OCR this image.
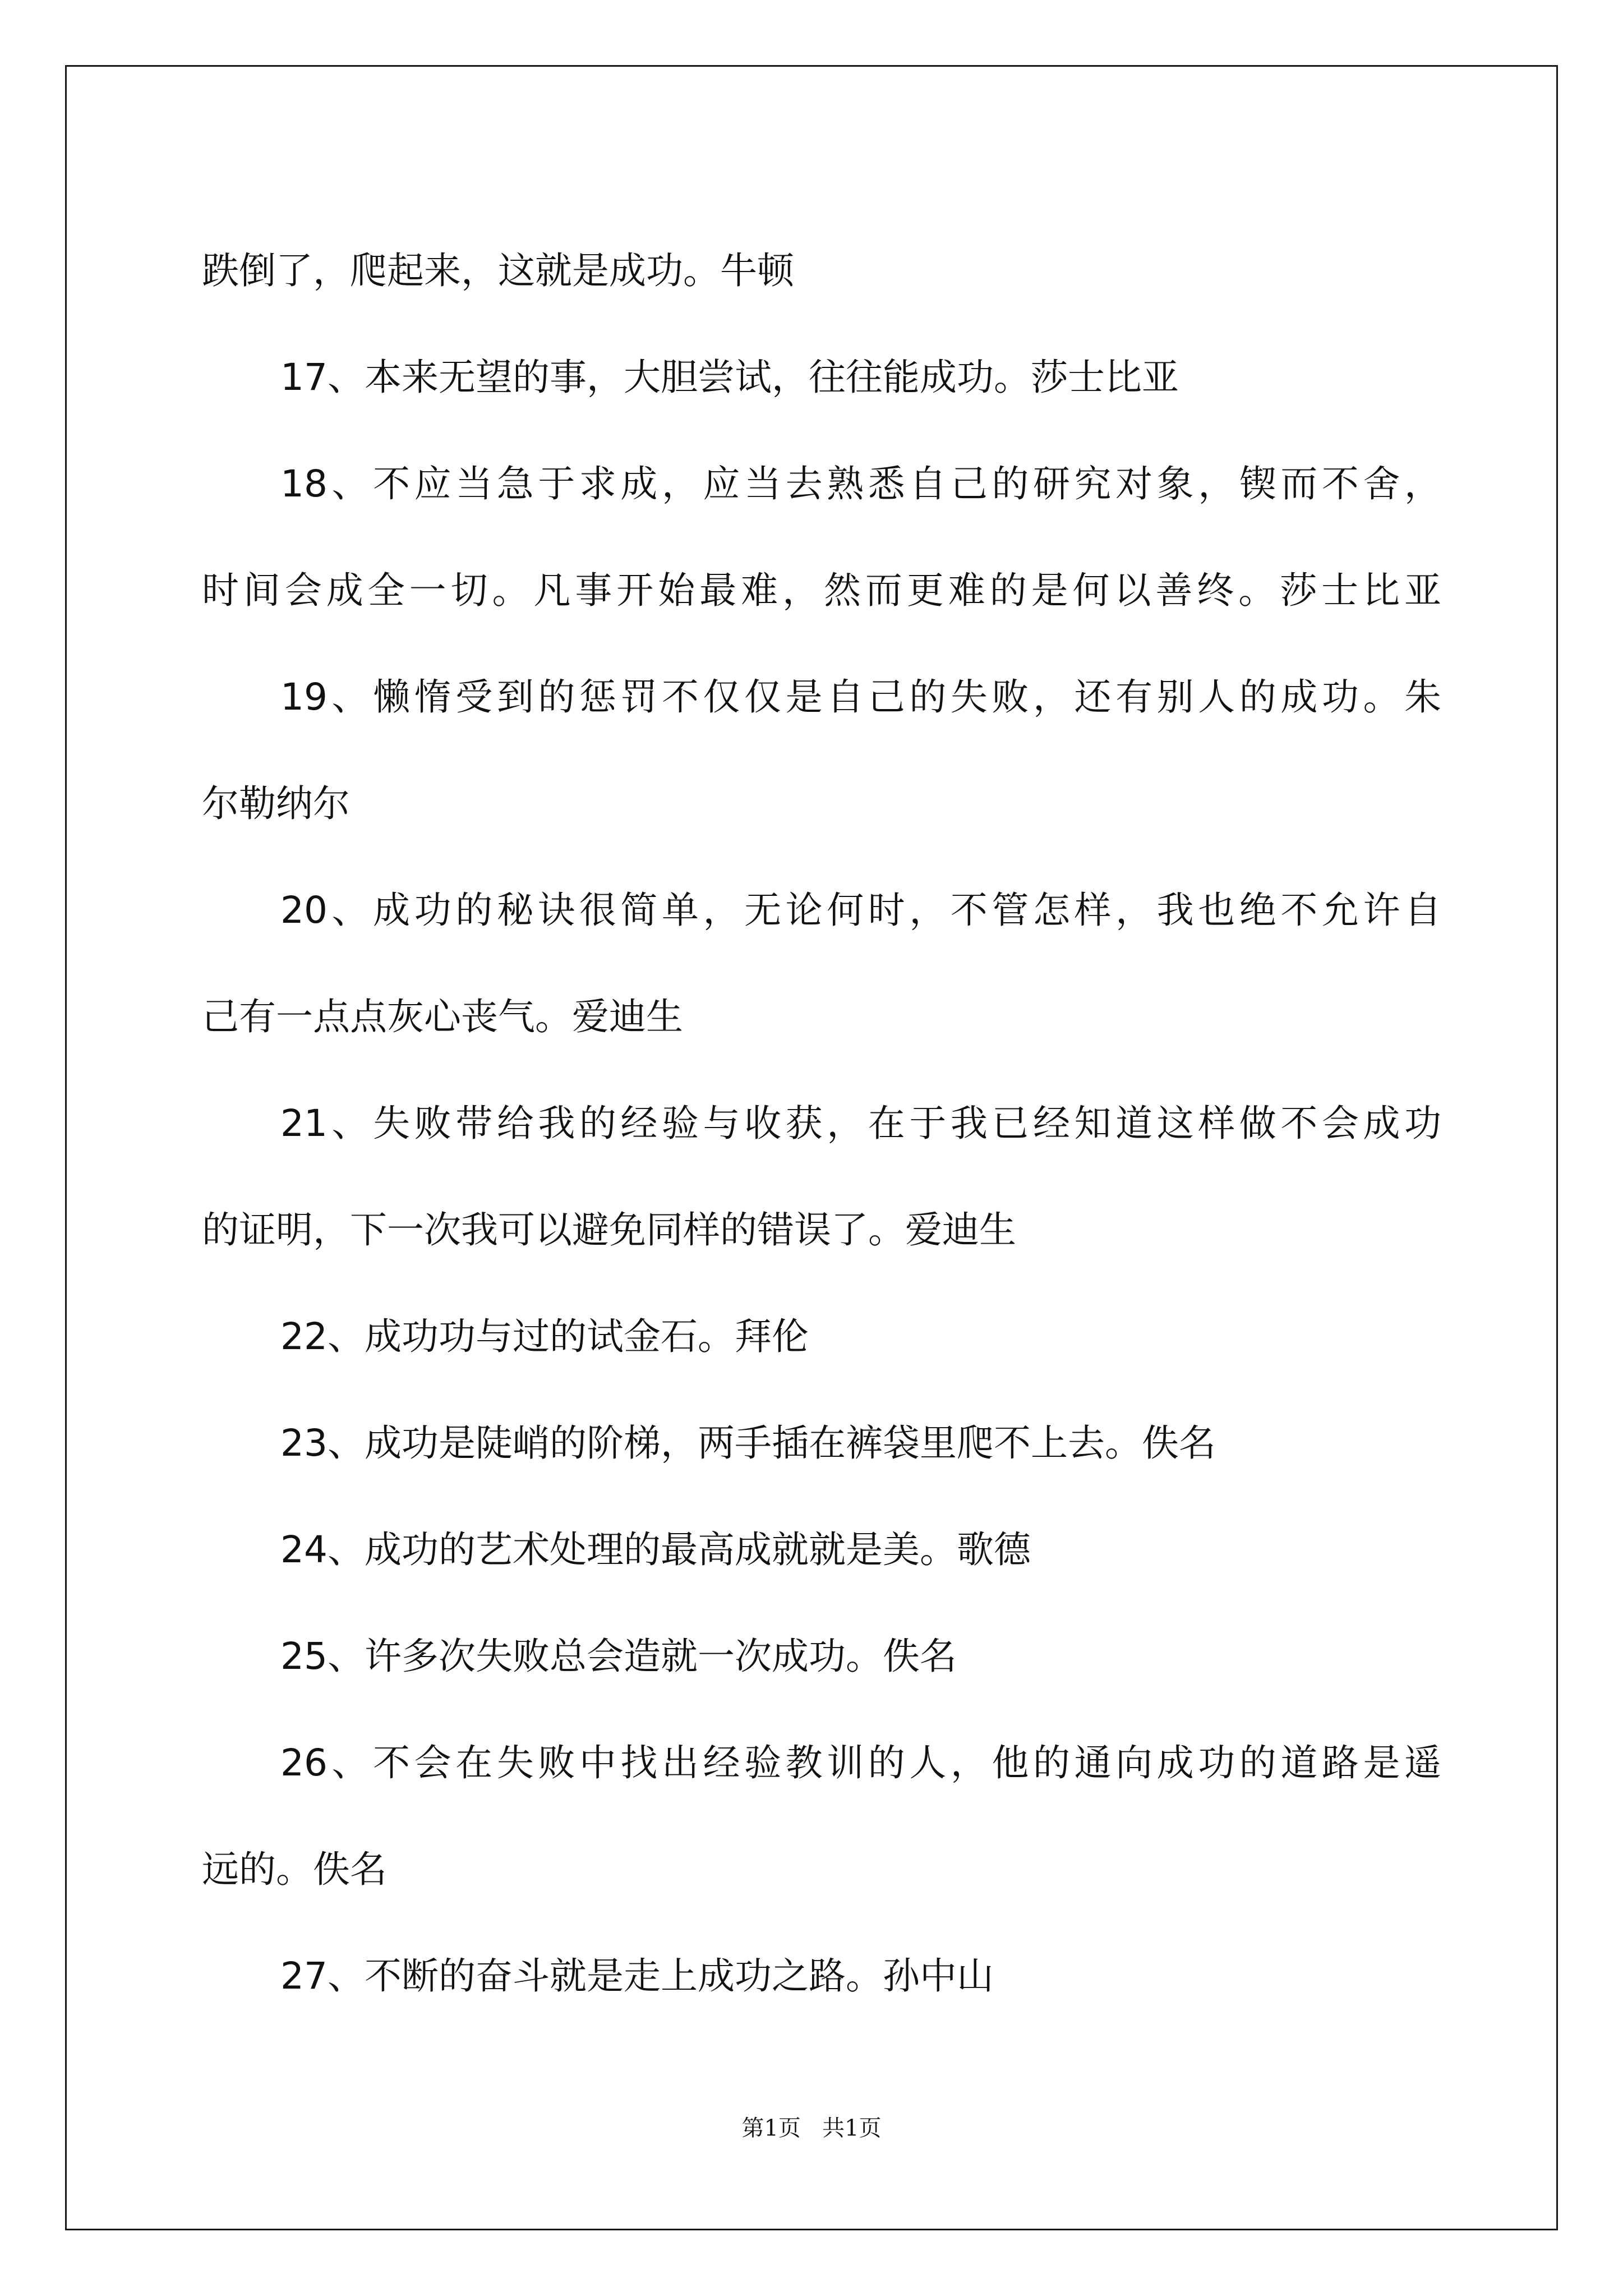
跌倒了，爬起来，这就是成功。牛顿
17、本来无望的事，大胆尝试，往往能成功。莎士比亚
18、不应当急于求成，应当去熟悉自己的研究对象，锲而不舍，
时间会成全一切。凡事开始最难，然而更难的是何以善终。莎士比亚
19、懒惰受到的惩罚不仅仅是自己的失败，还有别人的成功。朱
尔勒纳尔
20、成功的秘诀很简单，无论何时，不管怎样，我也绝不允许自
己有一点点灰心丧气。爱迪生
21、失败带给我的经验与收获，在于我已经知道这样做不会成功
的证明，下一次我可以避免同样的错误了。爱迪生
22、成功功与过的试金石。拜伦
23、成功是陡峭的阶梯，两手插在裤袋里爬不上去。佚名
24、成功的艺术处理的最高成就就是美。歌德
25、许多次失败总会造就一次成功。佚名
26、不会在失败中找出经验教训的人，他的通向成功的道路是遥
远的。佚名
27、不断的奋斗就是走上成功之路。孙中山
第1页   共1页
